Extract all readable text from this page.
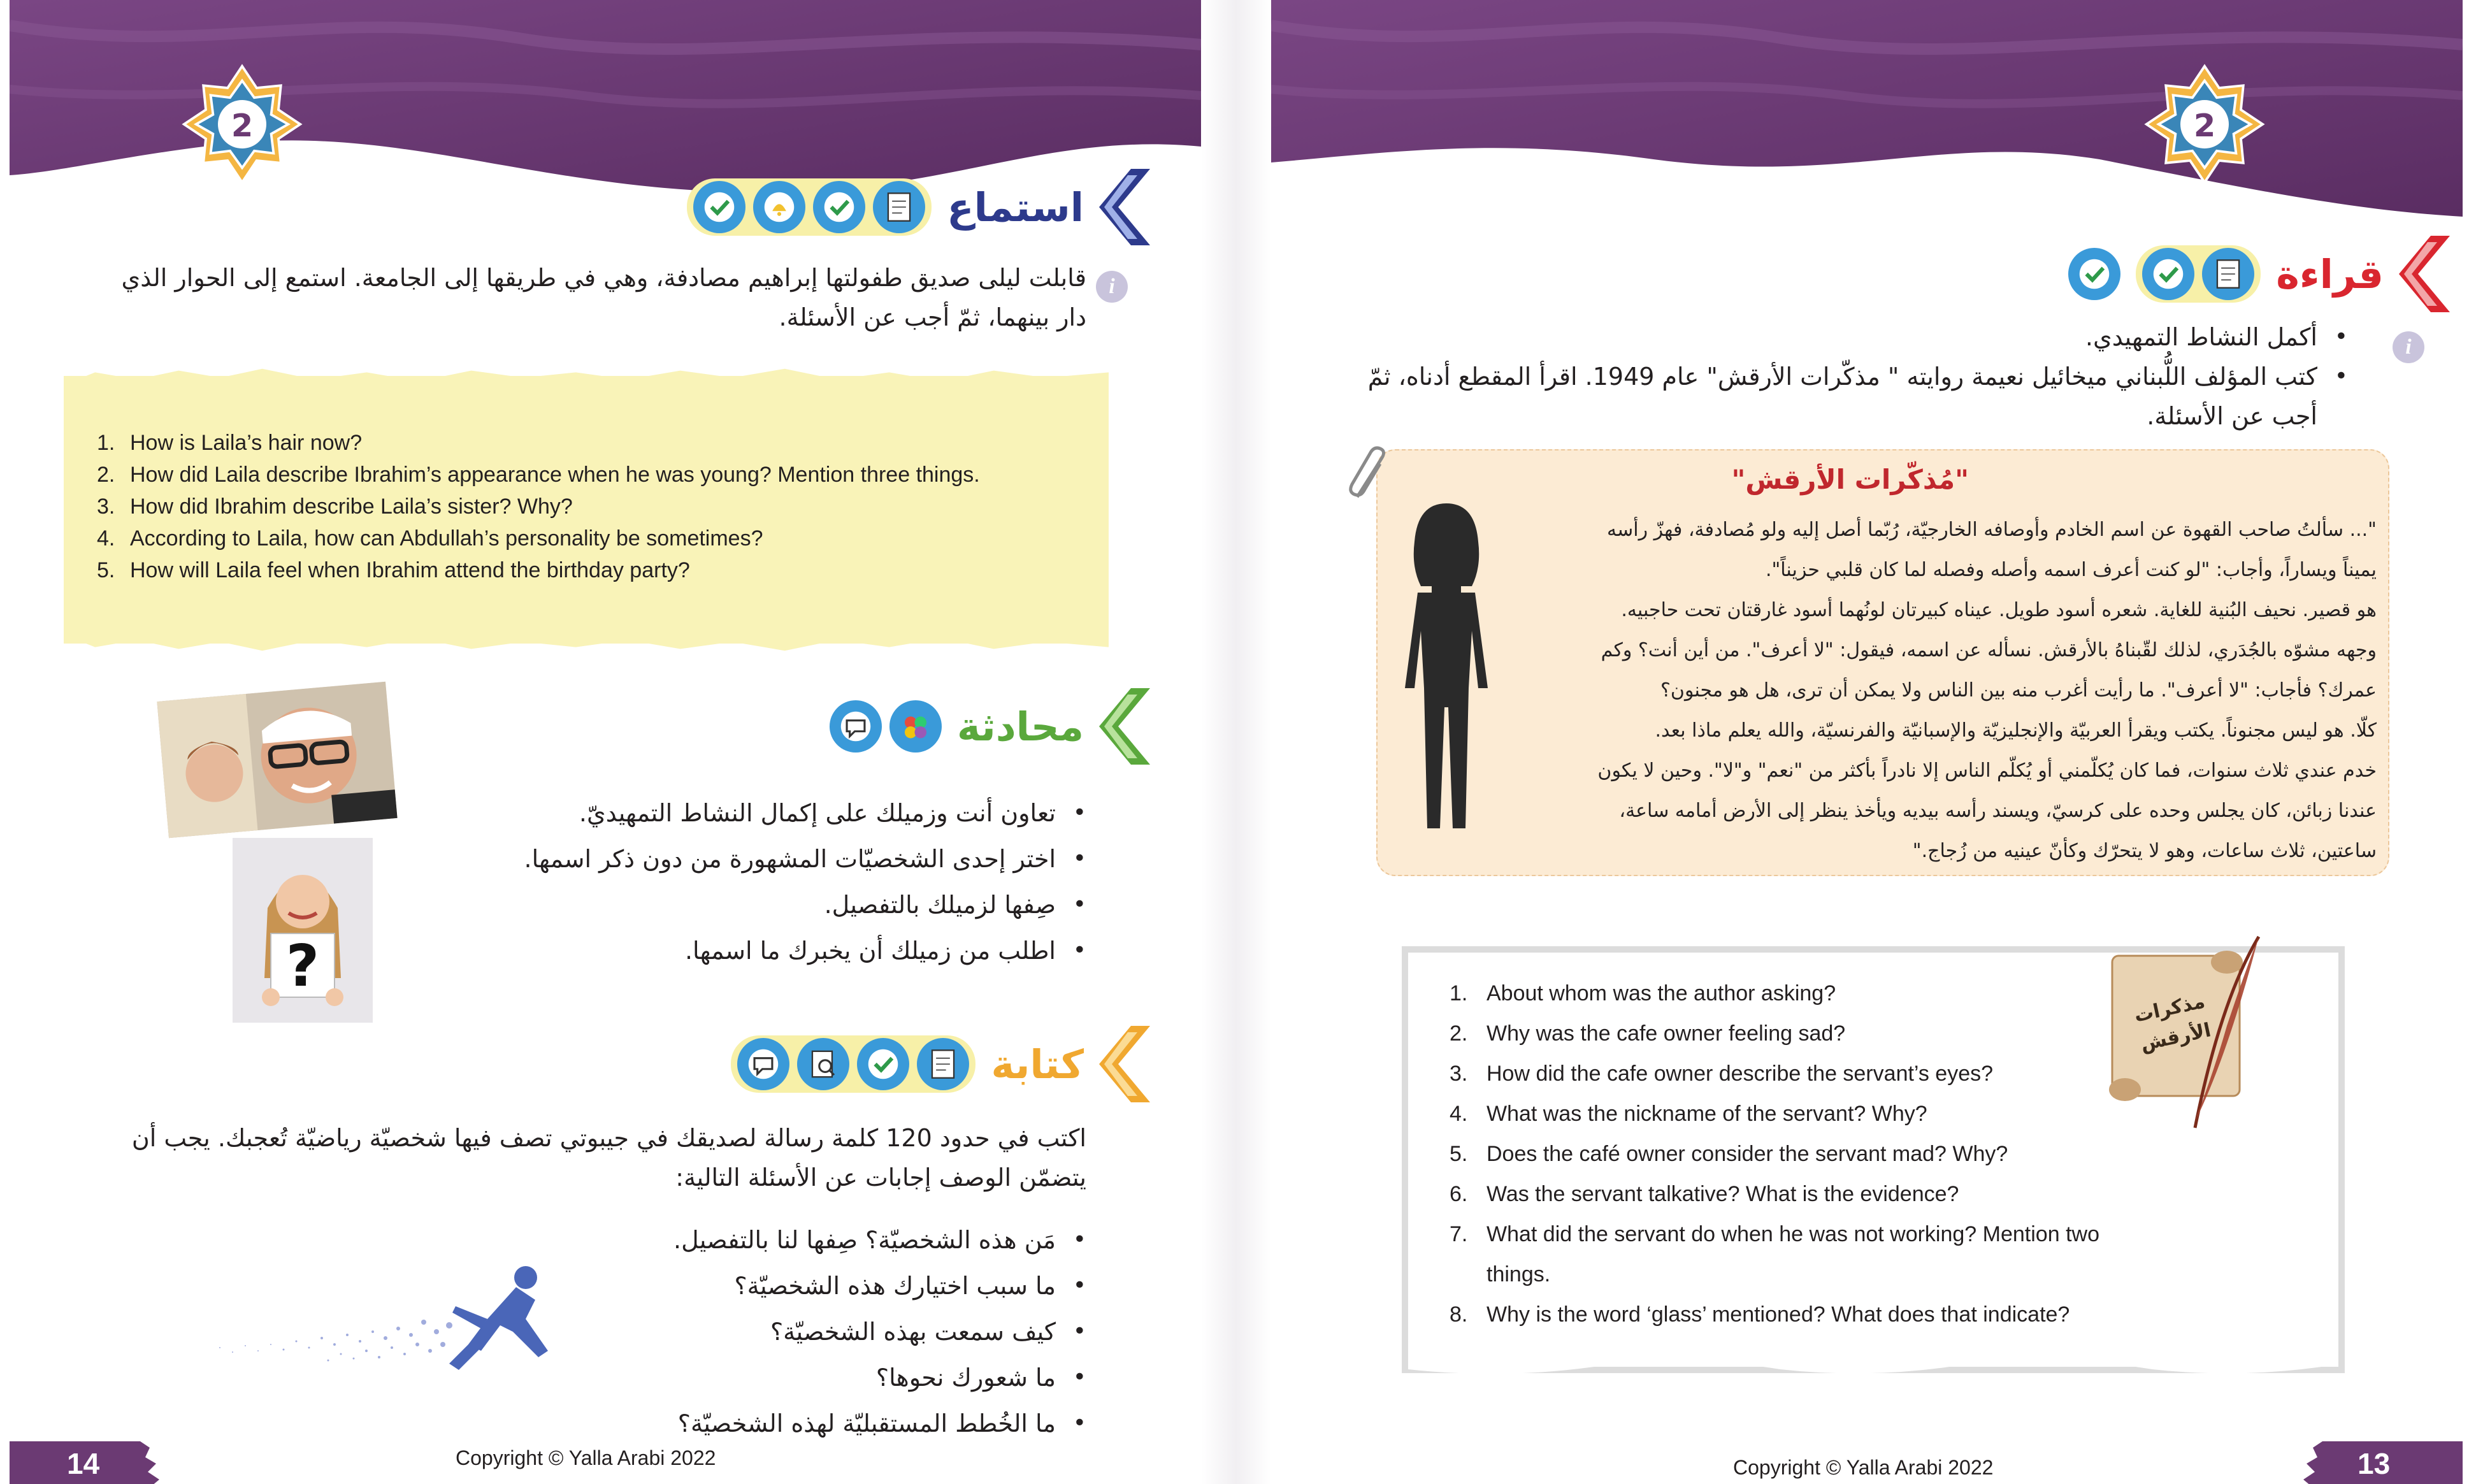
2
6
استماع
i

قابلت ليلى صديق طفولتها إبراهيم مصادفة، وهي في طريقها إلى الجامعة. استمع إلى الحوار الذي دار بينهما، ثمّ أجب عن الأسئلة.

1. How is Laila’s hair now?
2. How did Laila describe Ibrahim’s appearance when he was young? Mention three things.
3. How did Ibrahim describe Laila’s sister? Why?
4. According to Laila, how can Abdullah’s personality be sometimes?
5. How will Laila feel when Ibrahim attend the birthday party?
7
محادثة
?
• تعاون أنت وزميلك على إكمال النشاط التمهيديّ.
• اختر إحدى الشخصيّات المشهورة من دون ذكر اسمها.
• صِفها لزميلك بالتفصيل.
• اطلب من زميلك أن يخبرك ما اسمها.
8
كتابة

اكتب في حدود 120 كلمة رسالة لصديقك في جيبوتي تصف فيها شخصيّة رياضيّة تُعجبك. يجب أن يتضمّن الوصف إجابات عن الأسئلة التالية:

• مَن هذه الشخصيّة؟ صِفها لنا بالتفصيل.
• ما سبب اختيارك هذه الشخصيّة؟
• كيف سمعت بهذه الشخصيّة؟
• ما شعورك نحوها؟
• ما الخُطط المستقبليّة لهذه الشخصيّة؟
14	Copyright © Yalla Arabi 2022
2
5
قراءة
i
• أكمل النشاط التمهيدي.
• كتب المؤلف اللُّبناني ميخائيل نعيمة روايته " مذكّرات الأرقش" عام 1949. اقرأ المقطع أدناه، ثمّ أجب عن الأسئلة.
"مُذكّرات الأرقش"
"... سألتُ صاحب القهوة عن اسم الخادم وأوصافه الخارجيّة، رُبّما أصل إليه ولو مُصادفة، فهزّ رأسه
يميناً ويساراً، وأجاب: "لو كنت أعرف اسمه وأصله وفصله لما كان قلبي حزيناً".
هو قصير. نحيف البُنية للغاية. شعره أسود طويل. عيناه كبيرتان لونُهما أسود غارقتان تحت حاجبيه.
وجهه مشوّه بالجُدَري، لذلك لقّبناهُ بالأرقش. نسأله عن اسمه، فيقول: "لا أعرف". من أين أنت؟ وكم
عمرك؟ فأجاب: "لا أعرف". ما رأيت أغرب منه بين الناس ولا يمكن أن ترى، هل هو مجنون؟
كلّا. هو ليس مجنوناً. يكتب ويقرأ العربيّة والإنجليزيّة والإسبانيّة والفرنسيّة، والله يعلم ماذا بعد.
خدم عندي ثلاث سنوات، فما كان يُكلّمني أو يُكلّم الناس إلا نادراً بأكثر من "نعم" و"لا". وحين لا يكون
عندنا زبائن، كان يجلس وحده على كرسيّ، ويسند رأسه بيديه ويأخذ ينظر إلى الأرض أمامه ساعة،
ساعتين، ثلاث ساعات، وهو لا يتحرّك وكأنّ عينيه من زُجاج."
مذكرات الأرقش
1. About whom was the author asking?
2. Why was the cafe owner feeling sad?
3. How did the cafe owner describe the servant’s eyes?
4. What was the nickname of the servant? Why?
5. Does the café owner consider the servant mad? Why?
6. Was the servant talkative? What is the evidence?
7. What did the servant do when he was not working? Mention two things.
8. Why is the word ‘glass’ mentioned? What does that indicate?
13
Copyright © Yalla Arabi 2022
